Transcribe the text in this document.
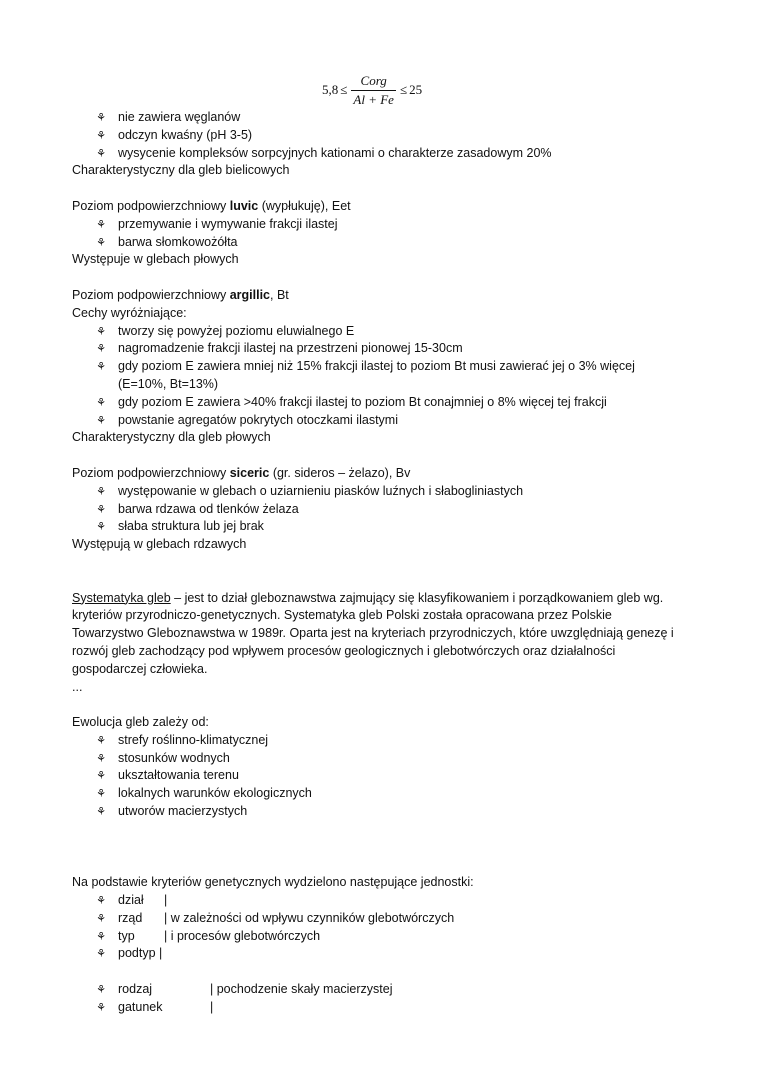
$5,8 \le \frac{\text{Corg}}{Al + Fe} \le 25$
⚘ nie zawiera węglanów
⚘ odczyn kwaśny (pH 3-5)
⚘ wysycenie kompleksów sorpcyjnych kationami o charakterze zasadowym 20%
Charakterystyczny dla gleb bielicowych
Poziom podpowierzchniowy luvic (wypłukuję), Eet
⚘ przemywanie i wymywanie frakcji ilastej
⚘ barwa słomkowożółta
Występuje w glebach płowych
Poziom podpowierzchniowy argillic, Bt
Cechy wyróżniające:
⚘ tworzy się powyżej poziomu eluwialnego E
⚘ nagromadzenie frakcji ilastej na przestrzeni pionowej 15-30cm
⚘ gdy poziom E zawiera mniej niż 15% frakcji ilastej to poziom Bt musi zawierać jej o 3% więcej
(E=10%, Bt=13%)
⚘ gdy poziom E zawiera >40% frakcji ilastej to poziom Bt conajmniej o 8% więcej tej frakcji
⚘ powstanie agregatów pokrytych otoczkami ilastymi
Charakterystyczny dla gleb płowych
Poziom podpowierzchniowy siceric (gr. sideros – żelazo), Bv
⚘ występowanie w glebach o uziarnieniu piasków luźnych i słabogliniastych
⚘ barwa rdzawa od tlenków żelaza
⚘ słaba struktura lub jej brak
Występują w glebach rdzawych
Systematyka gleb – jest to dział gleboznawstwa zajmujący się klasyfikowaniem i porządkowaniem gleb wg.
kryteriów przyrodniczo-genetycznych. Systematyka gleb Polski została opracowana przez Polskie
Towarzystwo Gleboznawstwa w 1989r. Oparta jest na kryteriach przyrodniczych, które uwzględniają genezę i
rozwój gleb zachodzący pod wpływem procesów geologicznych i glebotwórczych oraz działalności
gospodarczej człowieka.
...
Ewolucja gleb zależy od:
⚘ strefy roślinno-klimatycznej
⚘ stosunków wodnych
⚘ ukształtowania terenu
⚘ lokalnych warunków ekologicznych
⚘ utworów macierzystych
Na podstawie kryteriów genetycznych wydzielono następujące jednostki:
⚘ dział |
⚘ rząd | w zależności od wpływu czynników glebotwórczych
⚘ typ | i procesów glebotwórczych
⚘ podtyp |
⚘ rodzaj	| pochodzenie skały macierzystej
⚘ gatunek	|
